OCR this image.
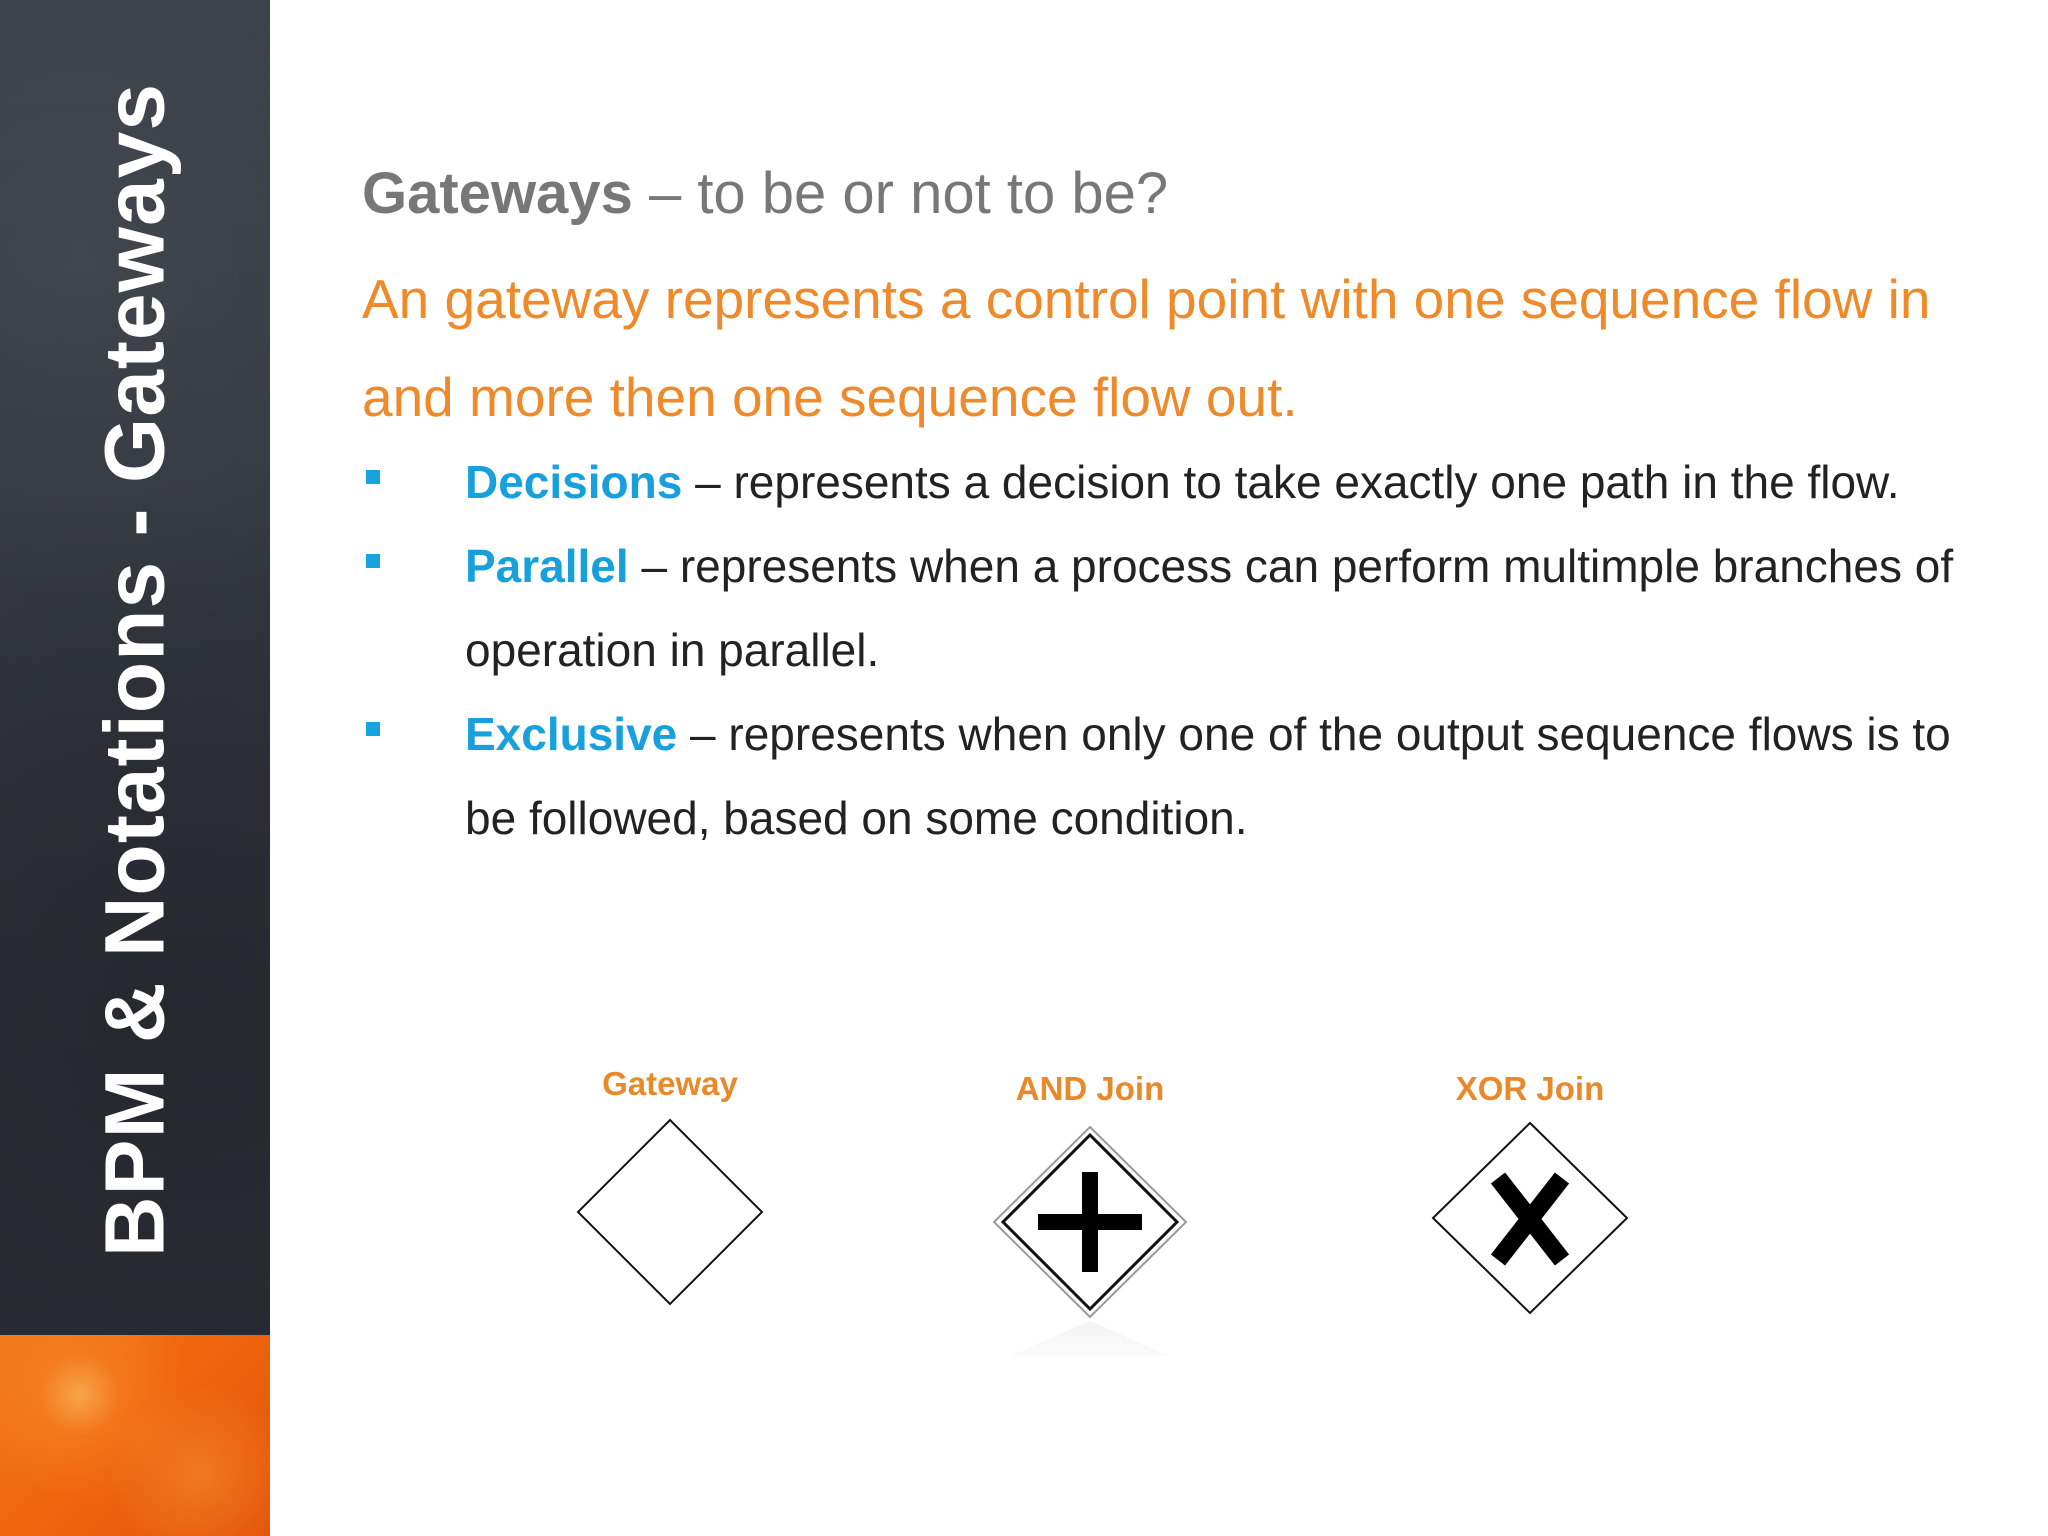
BPM & Notations - Gateways	Gateways – to be or not to be?
An gateway represents a control point with one sequence flow in and more then one sequence flow out.
Decisions – represents a decision to take exactly one path in the flow.
Parallel – represents when a process can perform multimple branches of operation in parallel.
Exclusive – represents when only one of the output sequence flows is to be followed, based on some condition.
Gateway	AND Join	XOR Join
